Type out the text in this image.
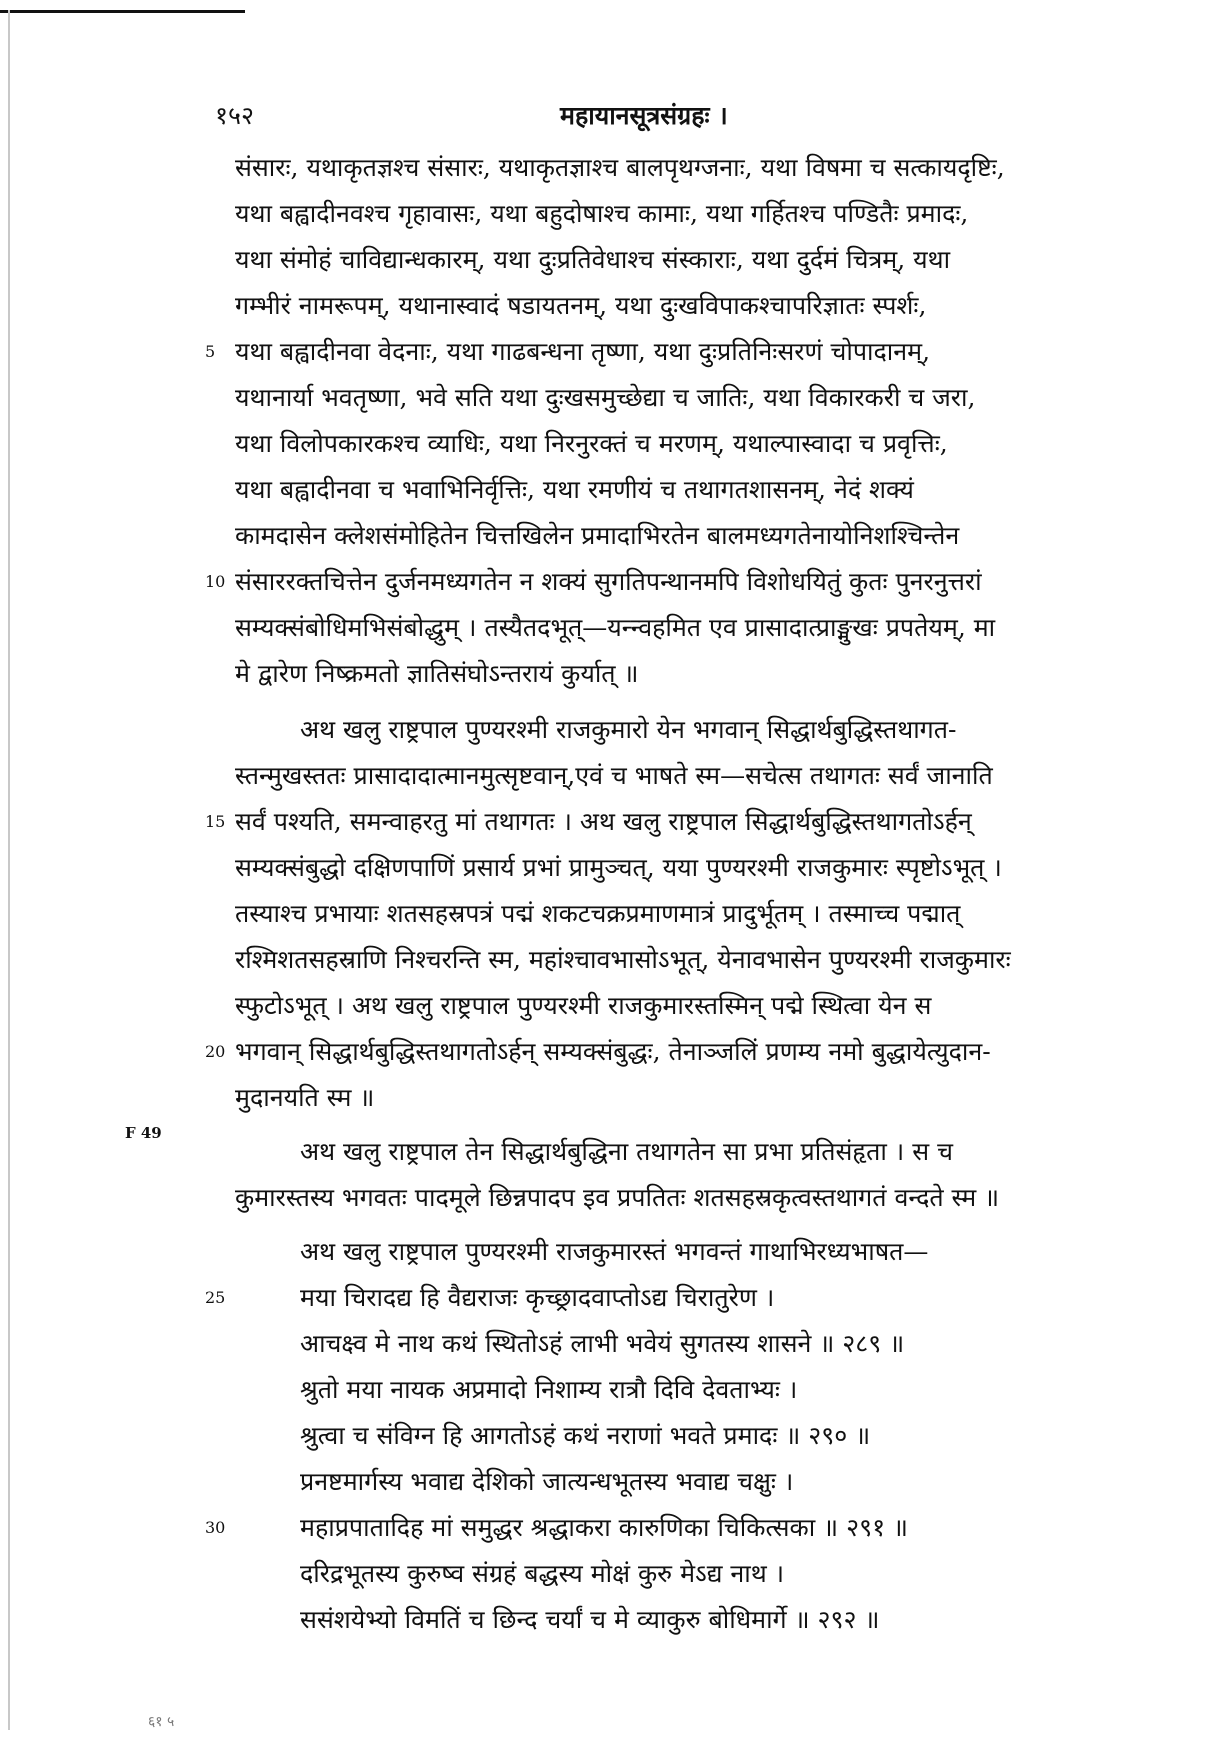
१५२	महायानसूत्रसंग्रहः ।
संसारः, यथाकृतज्ञश्च संसारः, यथाकृतज्ञाश्च बालपृथग्जनाः, यथा विषमा च सत्कायदृष्टिः,
यथा बह्वादीनवश्च गृहावासः, यथा बहुदोषाश्च कामाः, यथा गर्हितश्च पण्डितैः प्रमादः,
यथा संमोहं चाविद्यान्धकारम्, यथा दुःप्रतिवेधाश्च संस्काराः, यथा दुर्दमं चित्रम्, यथा
गम्भीरं नामरूपम्, यथानास्वादं षडायतनम्, यथा दुःखविपाकश्चापरिज्ञातः स्पर्शः,
यथा बह्वादीनवा वेदनाः, यथा गाढबन्धना तृष्णा, यथा दुःप्रतिनिःसरणं चोपादानम्,
यथानार्या भवतृष्णा, भवे सति यथा दुःखसमुच्छेद्या च जातिः, यथा विकारकरी च जरा,
यथा विलोपकारकश्च व्याधिः, यथा निरनुरक्तं च मरणम्, यथाल्पास्वादा च प्रवृत्तिः,
यथा बह्वादीनवा च भवाभिनिर्वृत्तिः, यथा रमणीयं च तथागतशासनम्, नेदं शक्यं
कामदासेन क्लेशसंमोहितेन चित्तखिलेन प्रमादाभिरतेन बालमध्यगतेनायोनिशश्चिन्तेन
संसाररक्तचित्तेन दुर्जनमध्यगतेन न शक्यं सुगतिपन्थानमपि विशोधयितुं कुतः पुनरनुत्तरां
सम्यक्संबोधिमभिसंबोद्धुम् । तस्यैतदभूत्—यन्न्वहमित एव प्रासादात्प्राङ्मुखः प्रपतेयम्, मा
मे द्वारेण निष्क्रमतो ज्ञातिसंघोऽन्तरायं कुर्यात् ॥
अथ खलु राष्ट्रपाल पुण्यरश्मी राजकुमारो येन भगवान् सिद्धार्थबुद्धिस्तथागत-
स्तन्मुखस्ततः प्रासादादात्मानमुत्सृष्टवान्,एवं च भाषते स्म—सचेत्स तथागतः सर्वं जानाति
सर्वं पश्यति, समन्वाहरतु मां तथागतः । अथ खलु राष्ट्रपाल सिद्धार्थबुद्धिस्तथागतोऽर्हन्
सम्यक्संबुद्धो दक्षिणपाणिं प्रसार्य प्रभां प्रामुञ्चत्, यया पुण्यरश्मी राजकुमारः स्पृष्टोऽभूत् ।
तस्याश्च प्रभायाः शतसहस्रपत्रं पद्मं शकटचक्रप्रमाणमात्रं प्रादुर्भूतम् । तस्माच्च पद्मात्
रश्मिशतसहस्राणि निश्चरन्ति स्म, महांश्चावभासोऽभूत्, येनावभासेन पुण्यरश्मी राजकुमारः
स्फुटोऽभूत् । अथ खलु राष्ट्रपाल पुण्यरश्मी राजकुमारस्तस्मिन् पद्मे स्थित्वा येन स
भगवान् सिद्धार्थबुद्धिस्तथागतोऽर्हन् सम्यक्संबुद्धः, तेनाञ्जलिं प्रणम्य नमो बुद्धायेत्युदान-
मुदानयति स्म ॥
अथ खलु राष्ट्रपाल तेन सिद्धार्थबुद्धिना तथागतेन सा प्रभा प्रतिसंहृता । स च
कुमारस्तस्य भगवतः पादमूले छिन्नपादप इव प्रपतितः शतसहस्रकृत्वस्तथागतं वन्दते स्म ॥
अथ खलु राष्ट्रपाल पुण्यरश्मी राजकुमारस्तं भगवन्तं गाथाभिरध्यभाषत—
मया चिरादद्य हि वैद्यराजः कृच्छ्रादवाप्तोऽद्य चिरातुरेण ।
आचक्ष्व मे नाथ कथं स्थितोऽहं लाभी भवेयं सुगतस्य शासने ॥ २८९ ॥
श्रुतो मया नायक अप्रमादो निशाम्य रात्रौ दिवि देवताभ्यः ।
श्रुत्वा च संविग्न हि आगतोऽहं कथं नराणां भवते प्रमादः ॥ २९० ॥
प्रनष्टमार्गस्य भवाद्य देशिको जात्यन्धभूतस्य भवाद्य चक्षुः ।
महाप्रपातादिह मां समुद्धर श्रद्धाकरा कारुणिका चिकित्सका ॥ २९१ ॥
दरिद्रभूतस्य कुरुष्व संग्रहं बद्धस्य मोक्षं कुरु मेऽद्य नाथ ।
ससंशयेभ्यो विमतिं च छिन्द चर्यां च मे व्याकुरु बोधिमार्गे ॥ २९२ ॥
5
10
15
20
25
30
F 49
६१ ५
